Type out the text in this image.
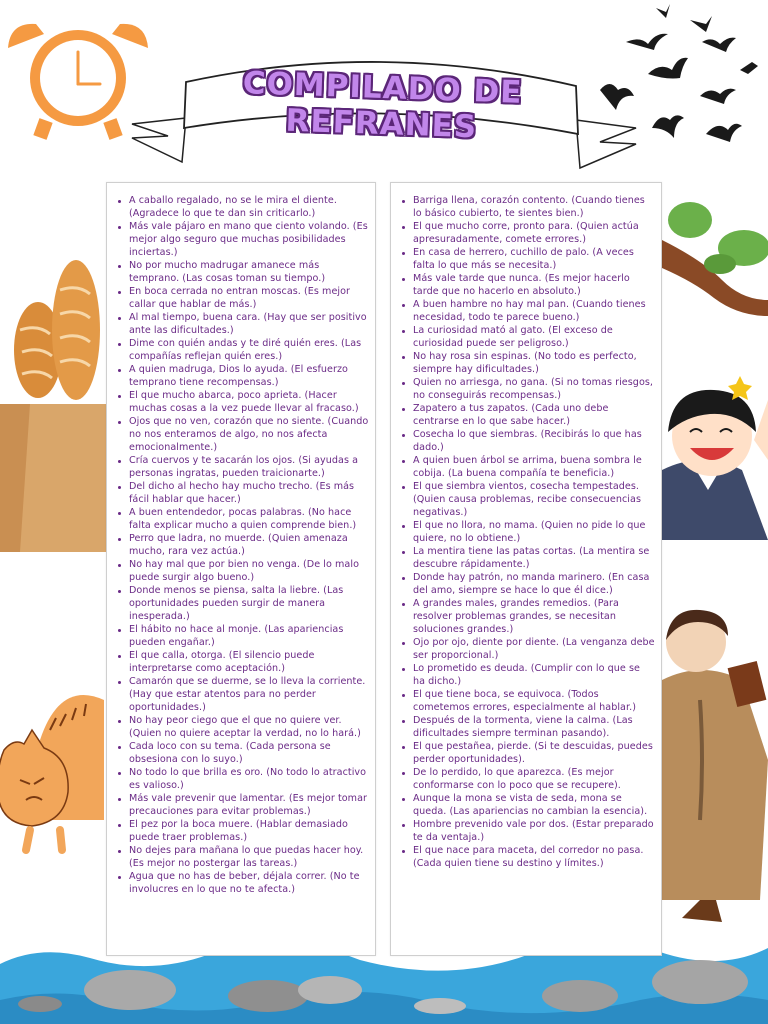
COMPILADO DE REFRANES
A caballo regalado, no se le mira el diente. (Agradece lo que te dan sin criticarlo.)
Más vale pájaro en mano que ciento volando. (Es mejor algo seguro que muchas posibilidades inciertas.)
No por mucho madrugar amanece más temprano. (Las cosas toman su tiempo.)
En boca cerrada no entran moscas. (Es mejor callar que hablar de más.)
Al mal tiempo, buena cara. (Hay que ser positivo ante las dificultades.)
Dime con quién andas y te diré quién eres. (Las compañías reflejan quién eres.)
A quien madruga, Dios lo ayuda. (El esfuerzo temprano tiene recompensas.)
El que mucho abarca, poco aprieta. (Hacer muchas cosas a la vez puede llevar al fracaso.)
Ojos que no ven, corazón que no siente. (Cuando no nos enteramos de algo, no nos afecta emocionalmente.)
Cría cuervos y te sacarán los ojos. (Si ayudas a personas ingratas, pueden traicionarte.)
Del dicho al hecho hay mucho trecho. (Es más fácil hablar que hacer.)
A buen entendedor, pocas palabras. (No hace falta explicar mucho a quien comprende bien.)
Perro que ladra, no muerde. (Quien amenaza mucho, rara vez actúa.)
No hay mal que por bien no venga. (De lo malo puede surgir algo bueno.)
Donde menos se piensa, salta la liebre. (Las oportunidades pueden surgir de manera inesperada.)
El hábito no hace al monje. (Las apariencias pueden engañar.)
El que calla, otorga. (El silencio puede interpretarse como aceptación.)
Camarón que se duerme, se lo lleva la corriente. (Hay que estar atentos para no perder oportunidades.)
No hay peor ciego que el que no quiere ver. (Quien no quiere aceptar la verdad, no lo hará.)
Cada loco con su tema. (Cada persona se obsesiona con lo suyo.)
No todo lo que brilla es oro. (No todo lo atractivo es valioso.)
Más vale prevenir que lamentar. (Es mejor tomar precauciones para evitar problemas.)
El pez por la boca muere. (Hablar demasiado puede traer problemas.)
No dejes para mañana lo que puedas hacer hoy. (Es mejor no postergar las tareas.)
Agua que no has de beber, déjala correr. (No te involucres en lo que no te afecta.)
Barriga llena, corazón contento. (Cuando tienes lo básico cubierto, te sientes bien.)
El que mucho corre, pronto para. (Quien actúa apresuradamente, comete errores.)
En casa de herrero, cuchillo de palo. (A veces falta lo que más se necesita.)
Más vale tarde que nunca. (Es mejor hacerlo tarde que no hacerlo en absoluto.)
A buen hambre no hay mal pan. (Cuando tienes necesidad, todo te parece bueno.)
La curiosidad mató al gato. (El exceso de curiosidad puede ser peligroso.)
No hay rosa sin espinas. (No todo es perfecto, siempre hay dificultades.)
Quien no arriesga, no gana. (Si no tomas riesgos, no conseguirás recompensas.)
Zapatero a tus zapatos. (Cada uno debe centrarse en lo que sabe hacer.)
Cosecha lo que siembras. (Recibirás lo que has dado.)
A quien buen árbol se arrima, buena sombra le cobija. (La buena compañía te beneficia.)
El que siembra vientos, cosecha tempestades. (Quien causa problemas, recibe consecuencias negativas.)
El que no llora, no mama. (Quien no pide lo que quiere, no lo obtiene.)
La mentira tiene las patas cortas. (La mentira se descubre rápidamente.)
Donde hay patrón, no manda marinero. (En casa del amo, siempre se hace lo que él dice.)
A grandes males, grandes remedios. (Para resolver problemas grandes, se necesitan soluciones grandes.)
Ojo por ojo, diente por diente. (La venganza debe ser proporcional.)
Lo prometido es deuda. (Cumplir con lo que se ha dicho.)
El que tiene boca, se equivoca. (Todos cometemos errores, especialmente al hablar.)
Después de la tormenta, viene la calma. (Las dificultades siempre terminan pasando).
El que pestañea, pierde. (Si te descuidas, puedes perder oportunidades).
De lo perdido, lo que aparezca. (Es mejor conformarse con lo poco que se recupere).
Aunque la mona se vista de seda, mona se queda. (Las apariencias no cambian la esencia).
Hombre prevenido vale por dos. (Estar preparado te da ventaja.)
El que nace para maceta, del corredor no pasa. (Cada quien tiene su destino y límites.)
